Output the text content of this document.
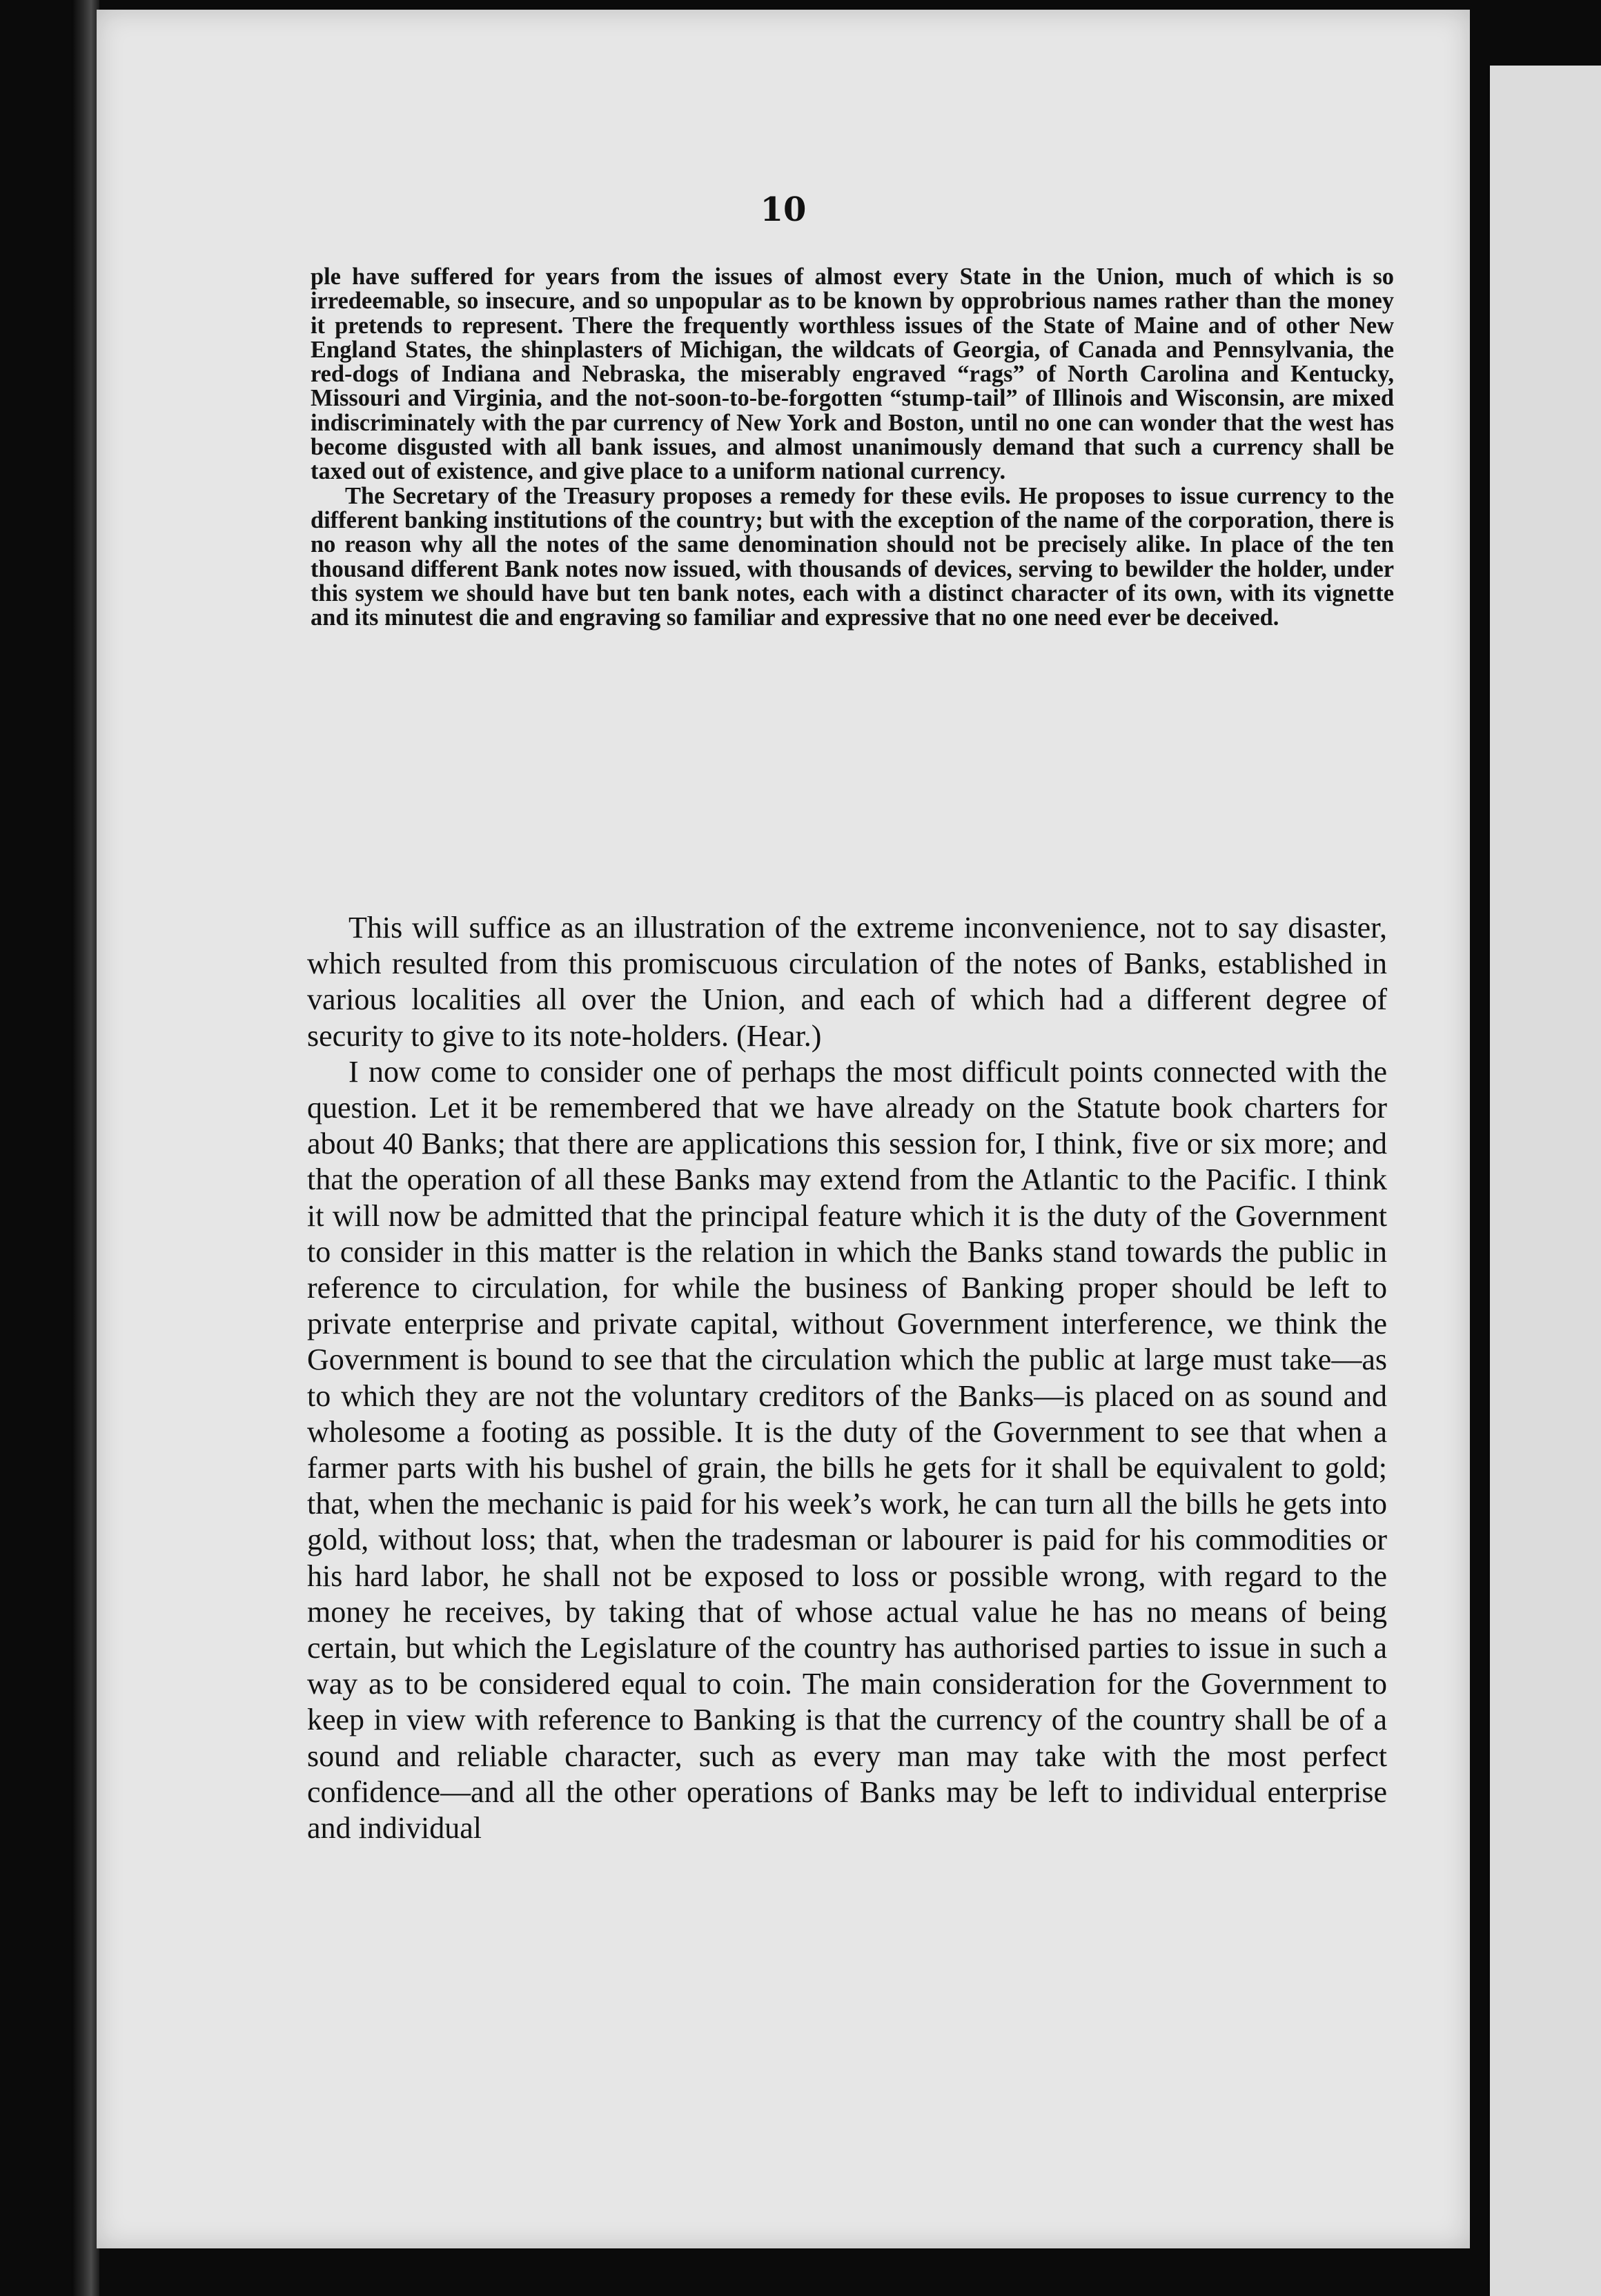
10

ple have suffered for years from the issues of almost every State in the Union, much of which is so irredeemable, so insecure, and so unpopular as to be known by opprobrious names rather than the money it pretends to represent. There the frequently worthless issues of the State of Maine and of other New England States, the shinplasters of Michigan, the wildcats of Georgia, of Canada and Pennsylvania, the red-dogs of Indiana and Nebraska, the miserably engraved “rags” of North Carolina and Kentucky, Missouri and Virginia, and the not-soon-to-be-forgotten “stump-tail” of Illinois and Wisconsin, are mixed indiscriminately with the par currency of New York and Boston, until no one can wonder that the west has become disgusted with all bank issues, and almost unanimously demand that such a currency shall be taxed out of existence, and give place to a uniform national currency.

The Secretary of the Treasury proposes a remedy for these evils. He proposes to issue currency to the different banking institutions of the country; but with the exception of the name of the corporation, there is no reason why all the notes of the same denomination should not be precisely alike. In place of the ten thousand different Bank notes now issued, with thousands of devices, serving to bewilder the holder, under this system we should have but ten bank notes, each with a distinct character of its own, with its vignette and its minutest die and engraving so familiar and expressive that no one need ever be deceived.

This will suffice as an illustration of the extreme inconvenience, not to say disaster, which resulted from this promiscuous circulation of the notes of Banks, established in various localities all over the Union, and each of which had a different degree of security to give to its note-holders. (Hear.)

I now come to consider one of perhaps the most difficult points connected with the question. Let it be remembered that we have already on the Statute book charters for about 40 Banks; that there are applications this session for, I think, five or six more; and that the operation of all these Banks may extend from the Atlantic to the Pacific. I think it will now be admitted that the principal feature which it is the duty of the Government to consider in this matter is the relation in which the Banks stand towards the public in reference to circulation, for while the business of Banking proper should be left to private enterprise and private capital, without Government interference, we think the Government is bound to see that the circulation which the public at large must take—as to which they are not the voluntary creditors of the Banks—is placed on as sound and wholesome a footing as possible. It is the duty of the Government to see that when a farmer parts with his bushel of grain, the bills he gets for it shall be equivalent to gold; that, when the mechanic is paid for his week’s work, he can turn all the bills he gets into gold, without loss; that, when the tradesman or labourer is paid for his commodities or his hard labor, he shall not be exposed to loss or possible wrong, with regard to the money he receives, by taking that of whose actual value he has no means of being certain, but which the Legislature of the country has authorised parties to issue in such a way as to be considered equal to coin. The main consideration for the Government to keep in view with reference to Banking is that the currency of the country shall be of a sound and reliable character, such as every man may take with the most perfect confidence—and all the other operations of Banks may be left to individual enterprise and individual
